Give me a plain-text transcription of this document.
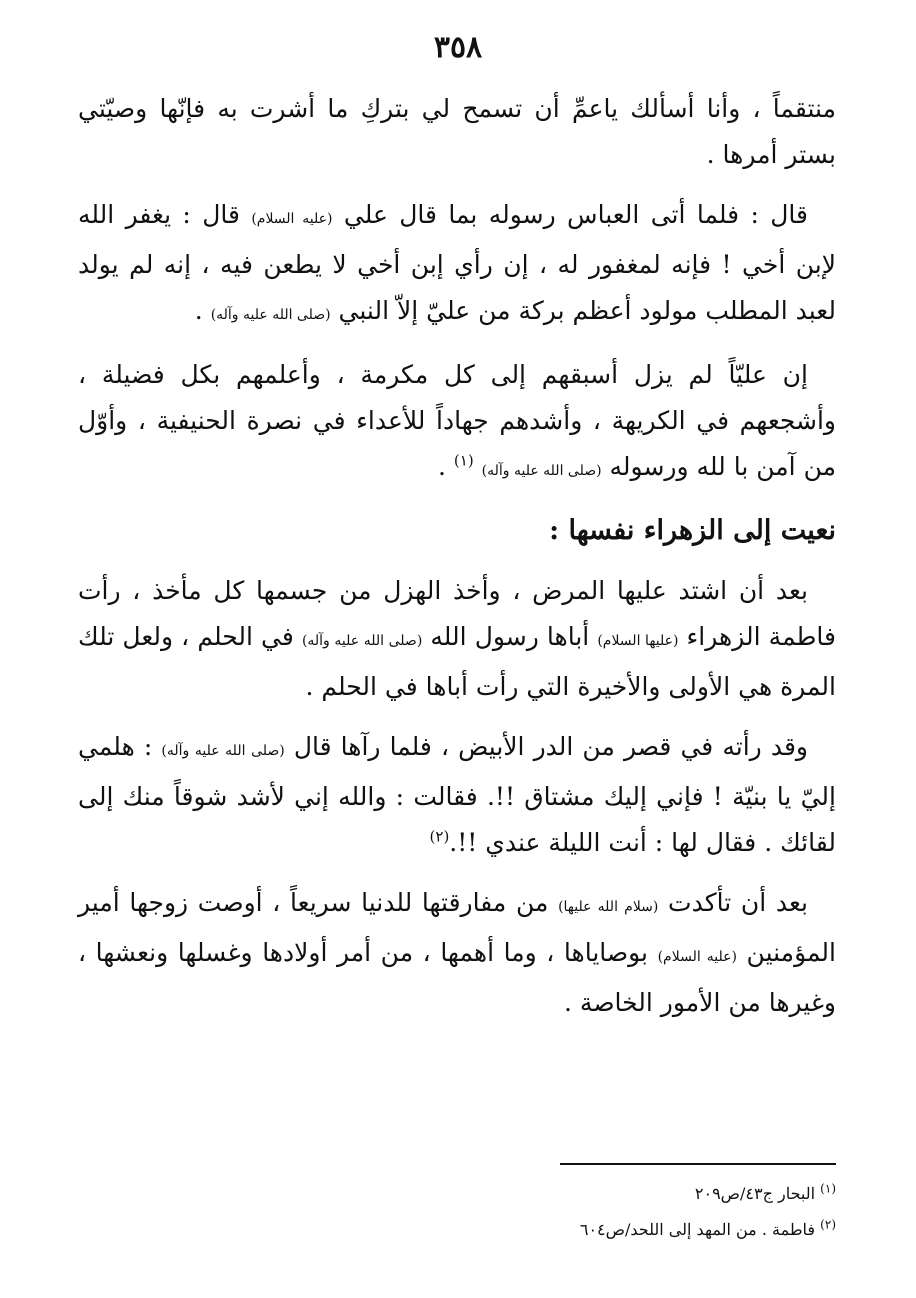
٣٥٨

منتقماً ، وأنا أسألك ياعمِّ أن تسمح لي بتركِ ما أشرت به فإنّها وصيّتي بستر أمرها .

قال : فلما أتى العباس رسوله بما قال علي (عليه السلام) قال : يغفر الله لإبن أخي ! فإنه لمغفور له ، إن رأي إبن أخي لا يطعن فيه ، إنه لم يولد لعبد المطلب مولود أعظم بركة من عليّ إلاّ النبي (صلى الله عليه وآله) .

إن عليّاً لم يزل أسبقهم إلى كل مكرمة ، وأعلمهم بكل فضيلة ، وأشجعهم في الكريهة ، وأشدهم جهاداً للأعداء في نصرة الحنيفية ، وأوّل من آمن با لله ورسوله (صلى الله عليه وآله) $^{(١)}$ .

نعيت إلى الزهراء نفسها :

بعد أن اشتد عليها المرض ، وأخذ الهزل من جسمها كل مأخذ ، رأت فاطمة الزهراء (عليها السلام) أباها رسول الله (صلى الله عليه وآله) في الحلم ، ولعل تلك المرة هي الأولى والأخيرة التي رأت أباها في الحلم .

وقد رأته في قصر من الدر الأبيض ، فلما رآها قال (صلى الله عليه وآله) : هلمي إليّ يا بنيّة ! فإني إليك مشتاق !!. فقالت : والله إني لأشد شوقاً منك إلى لقائك . فقال لها : أنت الليلة عندي !!.$^{(٢)}$

بعد أن تأكدت (سلام الله عليها) من مفارقتها للدنيا سريعاً ، أوصت زوجها أمير المؤمنين (عليه السلام) بوصاياها ، وما أهمها ، من أمر أولادها وغسلها ونعشها ، وغيرها من الأمور الخاصة .

$^{(١)}$ البحار ج٤٣/ص٢٠٩
$^{(٢)}$ فاطمة . من المهد إلى اللحد/ص٦٠٤
